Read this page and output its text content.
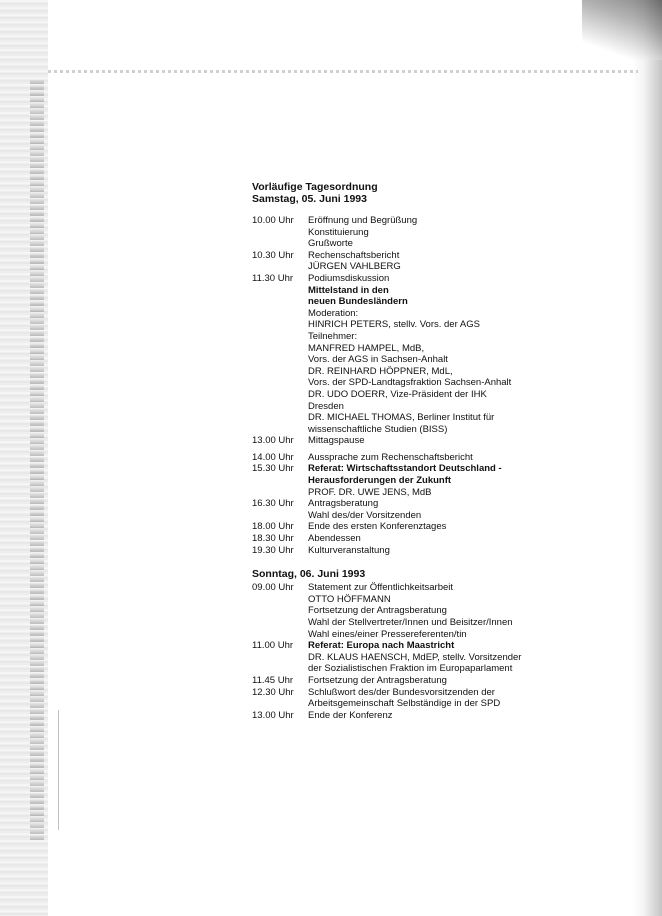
Vorläufige Tagesordnung
Samstag, 05. Juni 1993
10.00 Uhr	Eröffnung und Begrüßung
Konstituierung
Grußworte
10.30 Uhr	Rechenschaftsbericht
JÜRGEN VAHLBERG
11.30 Uhr	Podiumsdiskussion
Mittelstand in den
neuen Bundesländern
Moderation:
HINRICH PETERS, stellv. Vors. der AGS
Teilnehmer:
MANFRED HAMPEL, MdB,
Vors. der AGS in Sachsen-Anhalt
DR. REINHARD HÖPPNER, MdL,
Vors. der SPD-Landtagsfraktion Sachsen-Anhalt
DR. UDO DOERR, Vize-Präsident der IHK Dresden
DR. MICHAEL THOMAS, Berliner Institut für
wissenschaftliche Studien (BISS)
13.00 Uhr	Mittagspause
14.00 Uhr	Aussprache zum Rechenschaftsbericht
15.30 Uhr	Referat: Wirtschaftsstandort Deutschland -
Herausforderungen der Zukunft
PROF. DR. UWE JENS, MdB
16.30 Uhr	Antragsberatung
Wahl des/der Vorsitzenden
18.00 Uhr	Ende des ersten Konferenztages
18.30 Uhr	Abendessen
19.30 Uhr	Kulturveranstaltung
Sonntag, 06. Juni 1993
09.00 Uhr	Statement zur Öffentlichkeitsarbeit
OTTO HÖFFMANN
Fortsetzung der Antragsberatung
Wahl der Stellvertreter/Innen und Beisitzer/Innen
Wahl eines/einer Pressereferenten/tin
11.00 Uhr	Referat: Europa nach Maastricht
DR. KLAUS HAENSCH, MdEP, stellv. Vorsitzender
der Sozialistischen Fraktion im Europaparlament
11.45 Uhr	Fortsetzung der Antragsberatung
12.30 Uhr	Schlußwort des/der Bundesvorsitzenden der
Arbeitsgemeinschaft Selbständige in der SPD
13.00 Uhr	Ende der Konferenz
